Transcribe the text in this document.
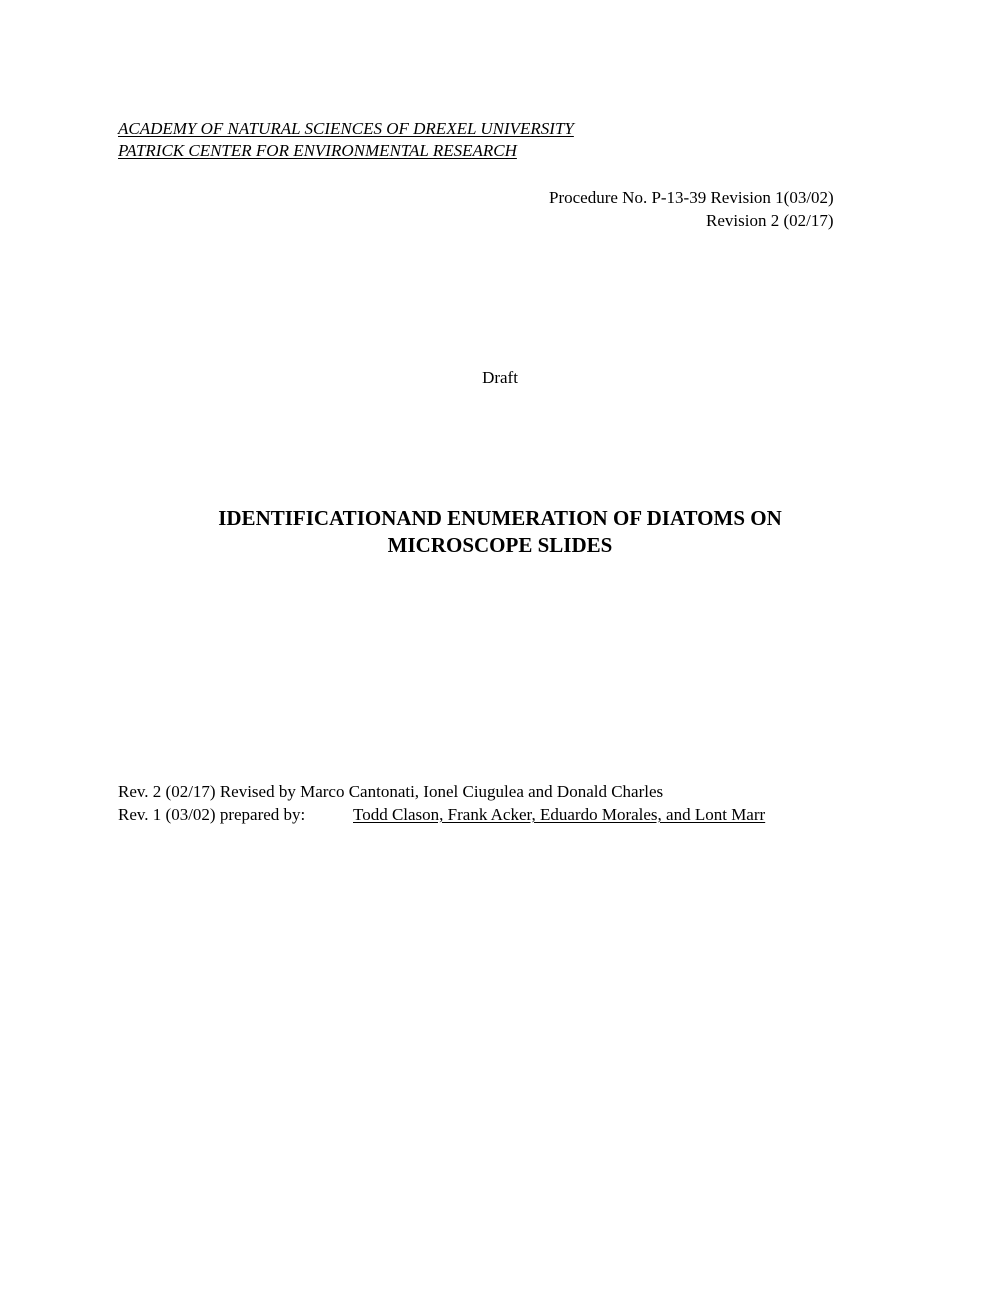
ACADEMY OF NATURAL SCIENCES OF DREXEL UNIVERSITY
PATRICK CENTER FOR ENVIRONMENTAL RESEARCH
Procedure No. P-13-39 Revision 1(03/02)
Revision 2 (02/17)
Draft
IDENTIFICATIONAND ENUMERATION OF DIATOMS ON
MICROSCOPE SLIDES
Rev. 2 (02/17) Revised by Marco Cantonati, Ionel Ciugulea and Donald Charles
Rev. 1 (03/02) prepared by:	Todd Clason, Frank Acker, Eduardo Morales, and Lont Marr
